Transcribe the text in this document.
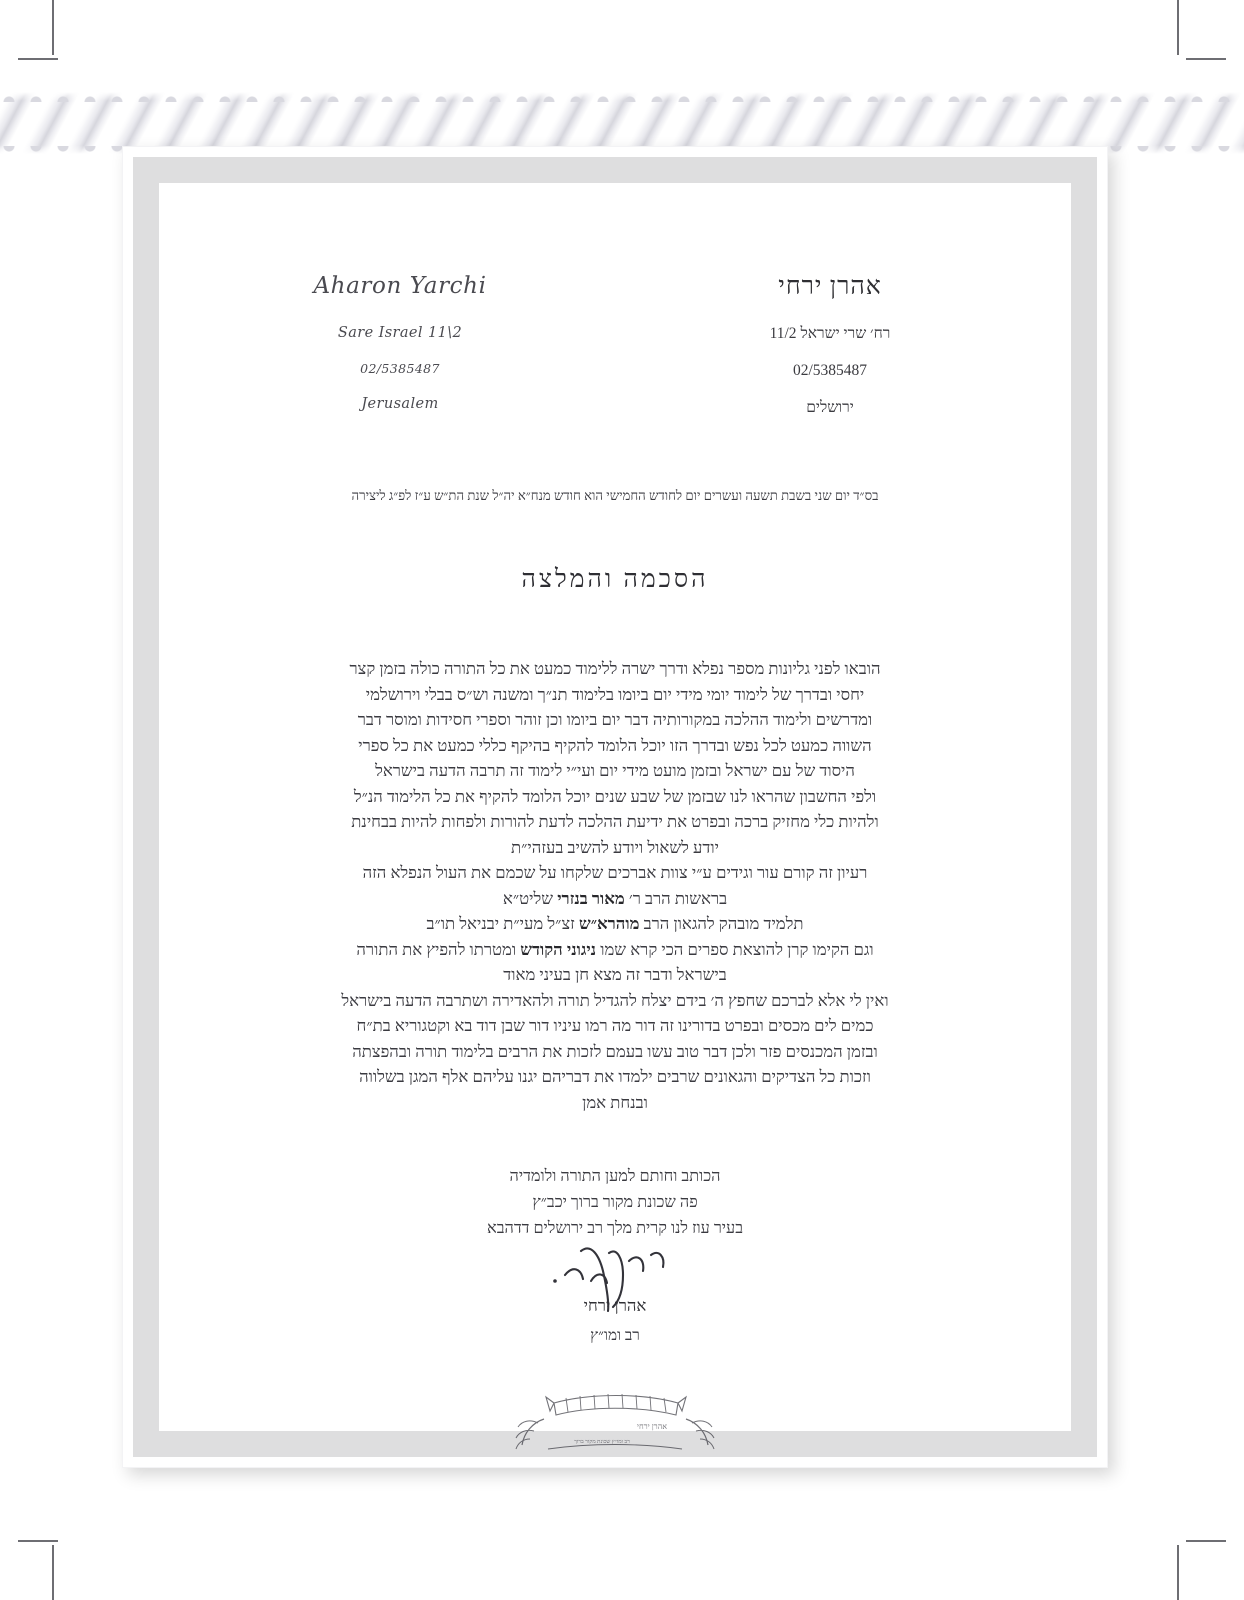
Aharon Yarchi
Sare Israel 11\2
02/5385487
Jerusalem
אהרן ירחי
רח׳ שרי ישראל 11/2
02/5385487
ירושלים
בס״ד יום שני בשבת תשעה ועשרים יום לחודש החמישי הוא חודש מנח״א יה״ל שנת הת״ש ע״ז לפ״ג ליצירה
הסכמה והמלצה

הובאו לפני גליונות מספר נפלא ודרך ישרה ללימוד כמעט את כל התורה כולה בזמן קצר
יחסי ובדרך של לימוד יומי מידי יום ביומו בלימוד תנ״ך ומשנה וש״ס בבלי וירושלמי
ומדרשים ולימוד ההלכה במקורותיה דבר יום ביומו וכן זוהר וספרי חסידות ומוסר דבר
השווה כמעט לכל נפש ובדרך הזו יוכל הלומד להקיף בהיקף כללי כמעט את כל ספרי
היסוד של עם ישראל ובזמן מועט מידי יום ועי״י לימוד זה תרבה הדעה בישראל
ולפי החשבון שהראו לנו שבזמן של שבע שנים יוכל הלומד להקיף את כל הלימוד הנ״ל
ולהיות כלי מחזיק ברכה ובפרט את ידיעת ההלכה לדעת להורות ולפחות להיות בבחינת
יודע לשאול ויודע להשיב בעזהי״ת

רעיון זה קורם עור וגידים ע״י צוות אברכים שלקחו על שכמם את העול הנפלא הזה
בראשות הרב ר׳ מאור בנזרי שליט״א
תלמיד מובהק להגאון הרב מוהרא״ש זצ״ל מעי״ת יבניאל תו״ב

וגם הקימו קרן להוצאת ספרים הכי קרא שמו ניגוני הקודש ומטרתו להפיץ את התורה
בישראל ודבר זה מצא חן בעיני מאוד

ואין לי אלא לברכם שחפץ ה׳ בידם יצלח להגדיל תורה ולהאדירה ושתרבה הדעה בישראל
כמים לים מכסים ובפרט בדורינו זה דור מה רמו עיניו דור שבן דוד בא וקטגוריא בת״ח
ובזמן המכנסים פזר ולכן דבר טוב עשו בעמם לזכות את הרבים בלימוד תורה ובהפצתה
וזכות כל הצדיקים והגאונים שרבים ילמדו את דבריהם יגנו עליהם אלף המגן בשלווה
ובנחת אמן

הכותב וחותם למען התורה ולומדיה
פה שכונת מקור ברוך יכב״ץ
בעיר עוז לנו קרית מלך רב ירושלים דדהבא
אהרן ירחי
רב ומו״ץ
אהרן ירחי
רב ומו״ץ שכונת מקור ברוך
